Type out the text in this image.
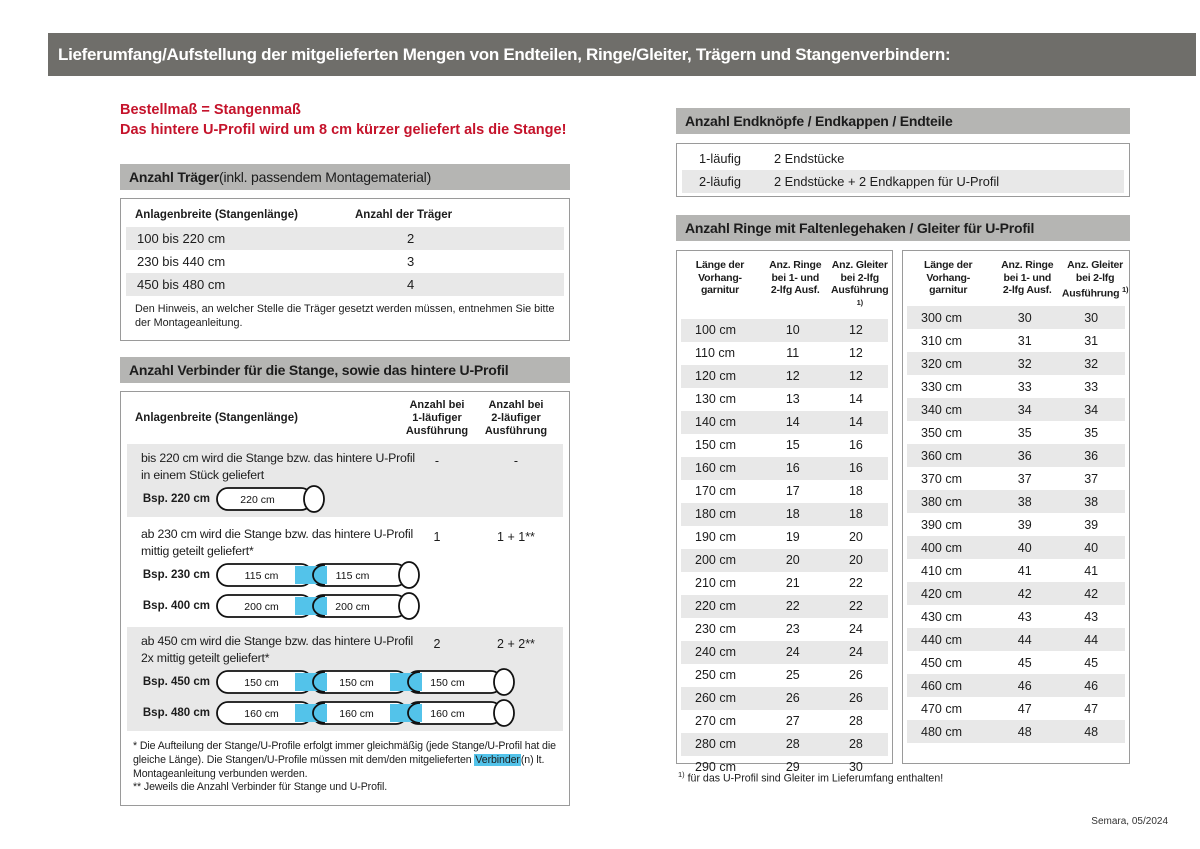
Lieferumfang/Aufstellung der mitgelieferten Mengen von Endteilen, Ringe/Gleiter, Trägern und Stangenverbindern:
Bestellmaß = Stangenmaß
Das hintere U-Profil wird um 8 cm kürzer geliefert als die Stange!
Anzahl Träger (inkl. passendem Montagematerial)
Anlagenbreite (Stangenlänge)	Anzahl der Träger
100 bis 220 cm	2
230 bis 440 cm	3
450 bis 480 cm	4
Den Hinweis, an welcher Stelle die Träger gesetzt werden müssen, entnehmen Sie bitte der Montageanleitung.
Anzahl Verbinder für die Stange, sowie das hintere U-Profil
Anlagenbreite (Stangenlänge)
Anzahl bei
1-läufiger
Ausführung
Anzahl bei
2-läufiger
Ausführung
bis 220 cm wird die Stange bzw. das hintere U-Profil
in einem Stück geliefert
-	-
Bsp. 220 cm	220 cm
ab 230 cm wird die Stange bzw. das hintere U-Profil
mittig geteilt geliefert*
1	1 + 1**
Bsp. 230 cm	115 cm	115 cm
Bsp. 400 cm	200 cm	200 cm
ab 450 cm wird die Stange bzw. das hintere U-Profil
2x mittig geteilt geliefert*
2	2 + 2**
Bsp. 450 cm	150 cm	150 cm	150 cm
Bsp. 480 cm	160 cm	160 cm	160 cm
* Die Aufteilung der Stange/U-Profile erfolgt immer gleichmäßig (jede Stange/U-Profil hat die gleiche Länge). Die Stangen/U-Profile müssen mit dem/den mitgelieferten Verbinder(n) lt. Montageanleitung verbunden werden.
** Jeweils die Anzahl Verbinder für Stange und U-Profil.
Anzahl Endknöpfe / Endkappen / Endteile
1-läufig	2 Endstücke
2-läufig	2 Endstücke + 2 Endkappen für U-Profil
Anzahl Ringe mit Faltenlegehaken / Gleiter für U-Profil
Länge der
Vorhang-
garnitur
Anz. Ringe
bei 1- und
2-lfg Ausf.
Anz. Gleiter
bei 2-lfg
Ausführung $^{1)}$
100 cm	10	12
110 cm	11	12
120 cm	12	12
130 cm	13	14
140 cm	14	14
150 cm	15	16
160 cm	16	16
170 cm	17	18
180 cm	18	18
190 cm	19	20
200 cm	20	20
210 cm	21	22
220 cm	22	22
230 cm	23	24
240 cm	24	24
250 cm	25	26
260 cm	26	26
270 cm	27	28
280 cm	28	28
290 cm	29	30
Länge der
Vorhang-
garnitur
Anz. Ringe
bei 1- und
2-lfg Ausf.
Anz. Gleiter
bei 2-lfg
Ausführung $^{1)}$
300 cm	30	30
310 cm	31	31
320 cm	32	32
330 cm	33	33
340 cm	34	34
350 cm	35	35
360 cm	36	36
370 cm	37	37
380 cm	38	38
390 cm	39	39
400 cm	40	40
410 cm	41	41
420 cm	42	42
430 cm	43	43
440 cm	44	44
450 cm	45	45
460 cm	46	46
470 cm	47	47
480 cm	48	48
$^{1)}$ für das U-Profil sind Gleiter im Lieferumfang enthalten!
Semara, 05/2024
